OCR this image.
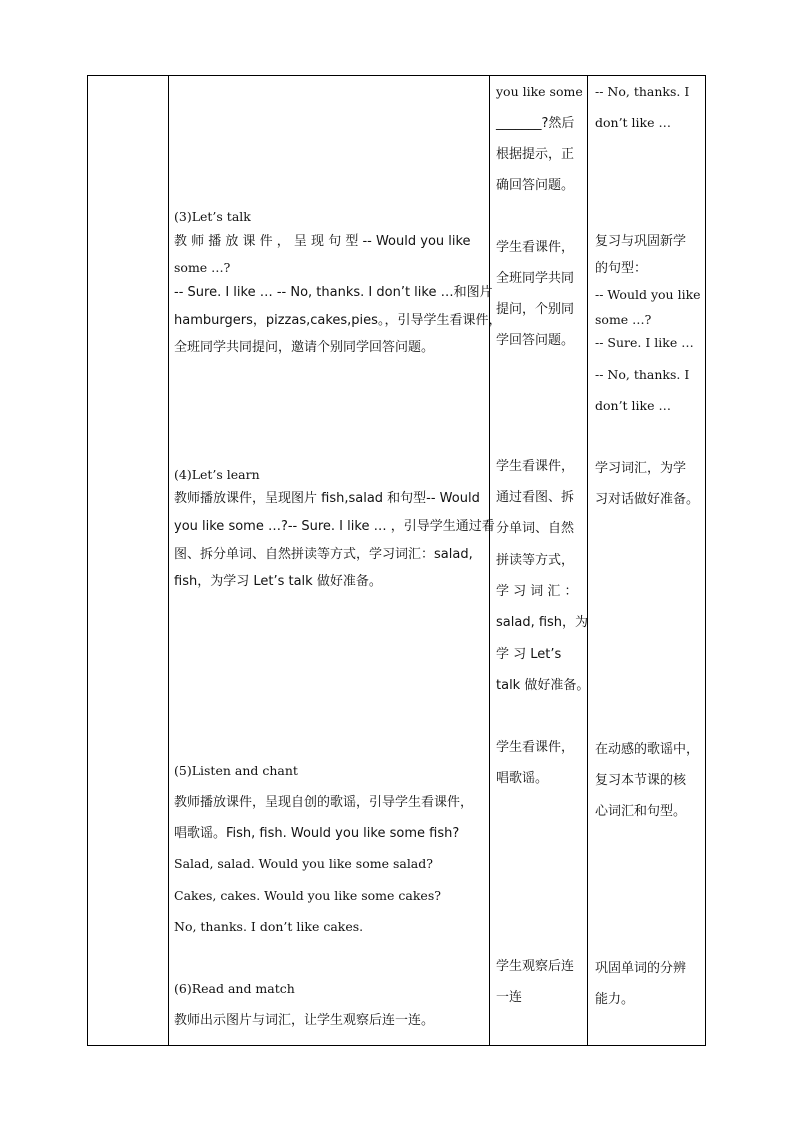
(3)Let’s talk
教 师 播 放 课 件 ， 呈 现 句 型 -- Would you like
some …?
-- Sure. I like … -- No, thanks. I don’t like …和图片
hamburgers，pizzas,cakes,pies。，引导学生看课件，
全班同学共同提问，邀请个别同学回答问题。
(4)Let’s learn
教师播放课件，呈现图片 fish,salad 和句型-- Would
you like some …?-- Sure. I like … ，引导学生通过看
图、拆分单词、自然拼读等方式，学习词汇：salad,
fish，为学习 Let’s talk 做好准备。
(5)Listen and chant
教师播放课件，呈现自创的歌谣，引导学生看课件，
唱歌谣。Fish, fish. Would you like some fish?
Salad, salad. Would you like some salad?
Cakes, cakes. Would you like some cakes?
No, thanks. I don’t like cakes.
(6)Read and match
教师出示图片与词汇，让学生观察后连一连。
you like some
_______?然后
根据提示，正
确回答问题。
学生看课件，
全班同学共同
提问，个别同
学回答问题。
学生看课件，
通过看图、拆
分单词、自然
拼读等方式，
学 习 词 汇 ：
salad, fish，为
学 习 Let’s
talk 做好准备。
学生看课件，
唱歌谣。
学生观察后连
一连
-- No, thanks. I
don’t like …
复习与巩固新学
的句型：
-- Would you like
some …?
-- Sure. I like …
-- No, thanks. I
don’t like …
学习词汇，为学
习对话做好准备。
在动感的歌谣中，
复习本节课的核
心词汇和句型。
巩固单词的分辨
能力。
